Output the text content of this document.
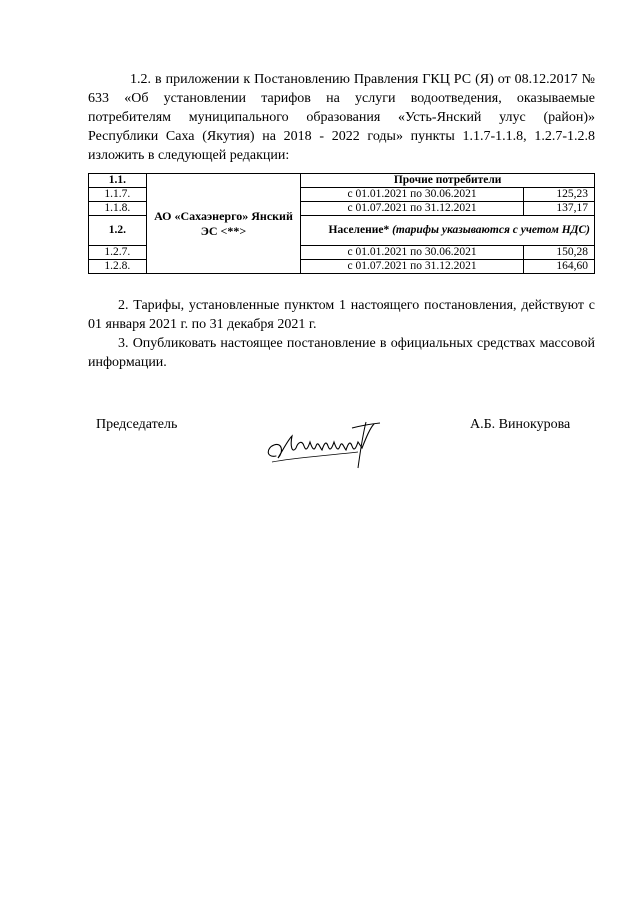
1.2. в приложении к Постановлению Правления ГКЦ РС (Я) от 08.12.2017 № 633 «Об установлении тарифов на услуги водоотведения, оказываемые потребителям муниципального образования «Усть-Янский улус (район)» Республики Саха (Якутия) на 2018 - 2022 годы» пункты 1.1.7-1.1.8, 1.2.7-1.2.8 изложить в следующей редакции:

1.1.	АО «Сахаэнерго» Янский ЭС <**>	Прочие потребители	
1.1.7.		с 01.01.2021 по 30.06.2021	125,23
1.1.8.		с 01.07.2021 по 31.12.2021	137,17
1.2.		Население* (тарифы указываются с учетом НДС)	
1.2.7.		с 01.01.2021 по 30.06.2021	150,28
1.2.8.		с 01.07.2021 по 31.12.2021	164,60

2. Тарифы, установленные пунктом 1 настоящего постановления, действуют с 01 января 2021 г. по 31 декабря 2021 г.

3. Опубликовать настоящее постановление в официальных средствах массовой информации.

Председатель	А.Б. Винокурова
